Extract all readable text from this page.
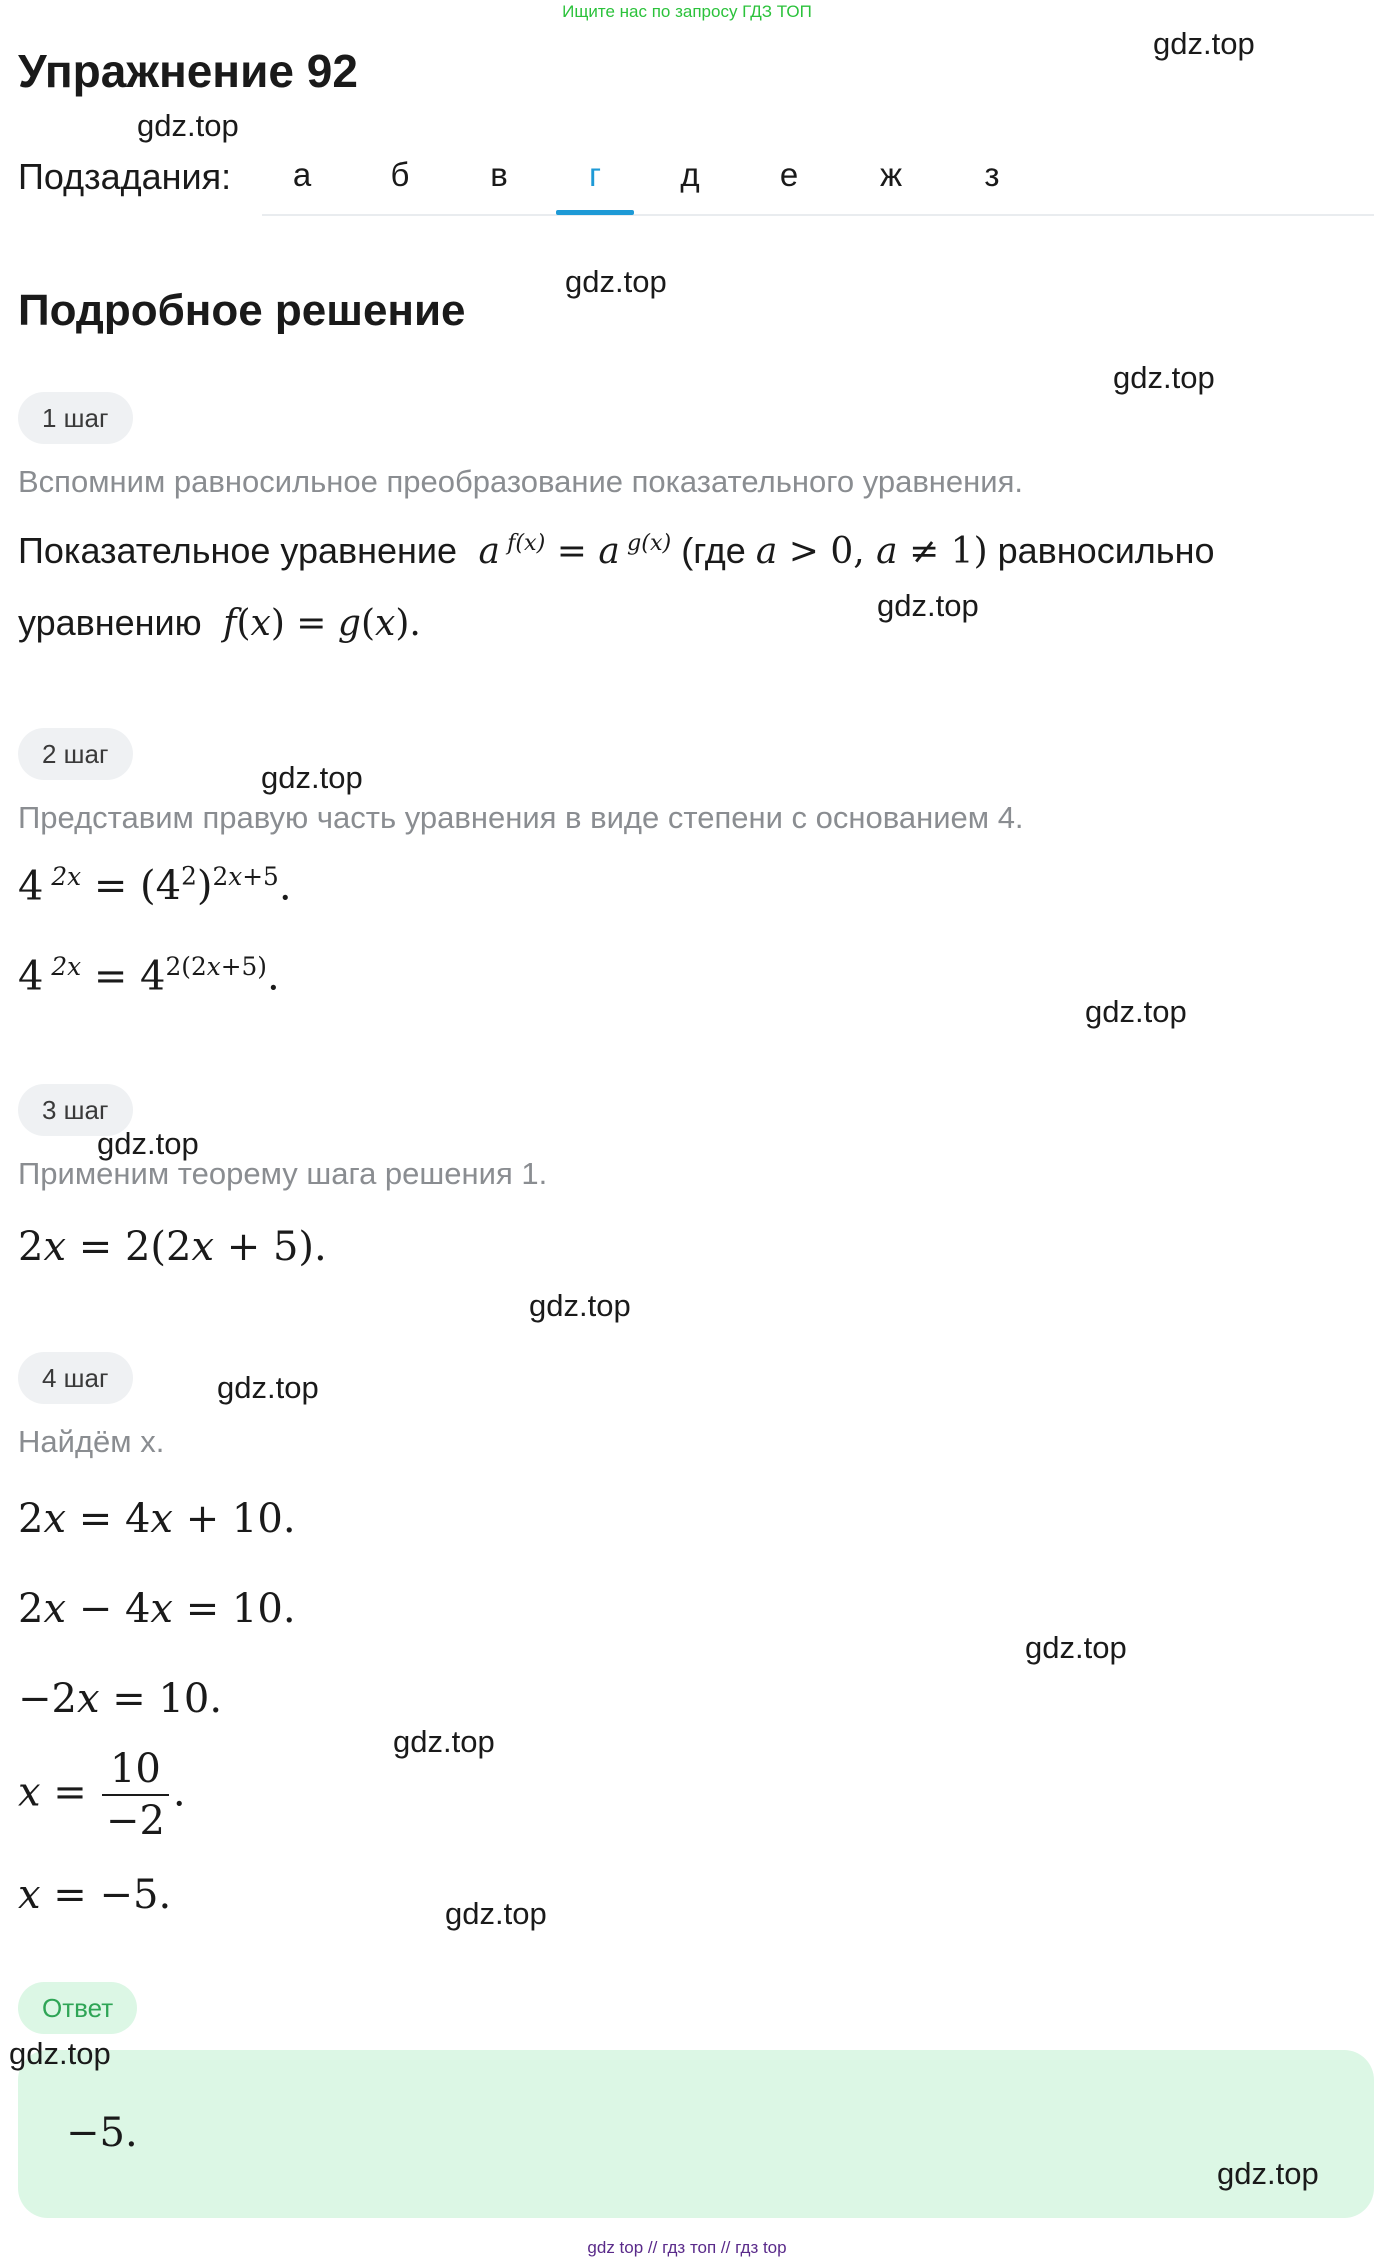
Ищите нас по запросу ГДЗ ТОП
Упражнение 92
Подзадания:	а	б	в	г	д	е	ж	з
Подробное решение
1 шаг
Вспомним равносильное преобразование показательного уравнения.
Показательное уравнение  a $^{f(x)}$ = a $^{g(x)}$ (где a > 0, a ≠ 1) равносильно
уравнению  f(x) = g(x).
2 шаг
Представим правую часть уравнения в виде степени с основанием 4.
4 $^{2x} = (4^2)^{2x+5}$.
4 $^{2x} = 4^{2(2x+5)}$.
3 шаг
Применим теорему шага решения 1.
2x = 2(2x + 5).
4 шаг
Найдём x.
2x = 4x + 10.
2x − 4x = 10.
−2x = 10.
$x = \frac{10}{-2}$ .
x = −5.
Ответ
−5.
gdz.top
gdz.top
gdz.top
gdz.top
gdz.top
gdz.top
gdz.top
gdz.top
gdz.top
gdz.top
gdz.top
gdz.top
gdz.top
gdz.top
gdz.top
gdz top // гдз топ // гдз top
